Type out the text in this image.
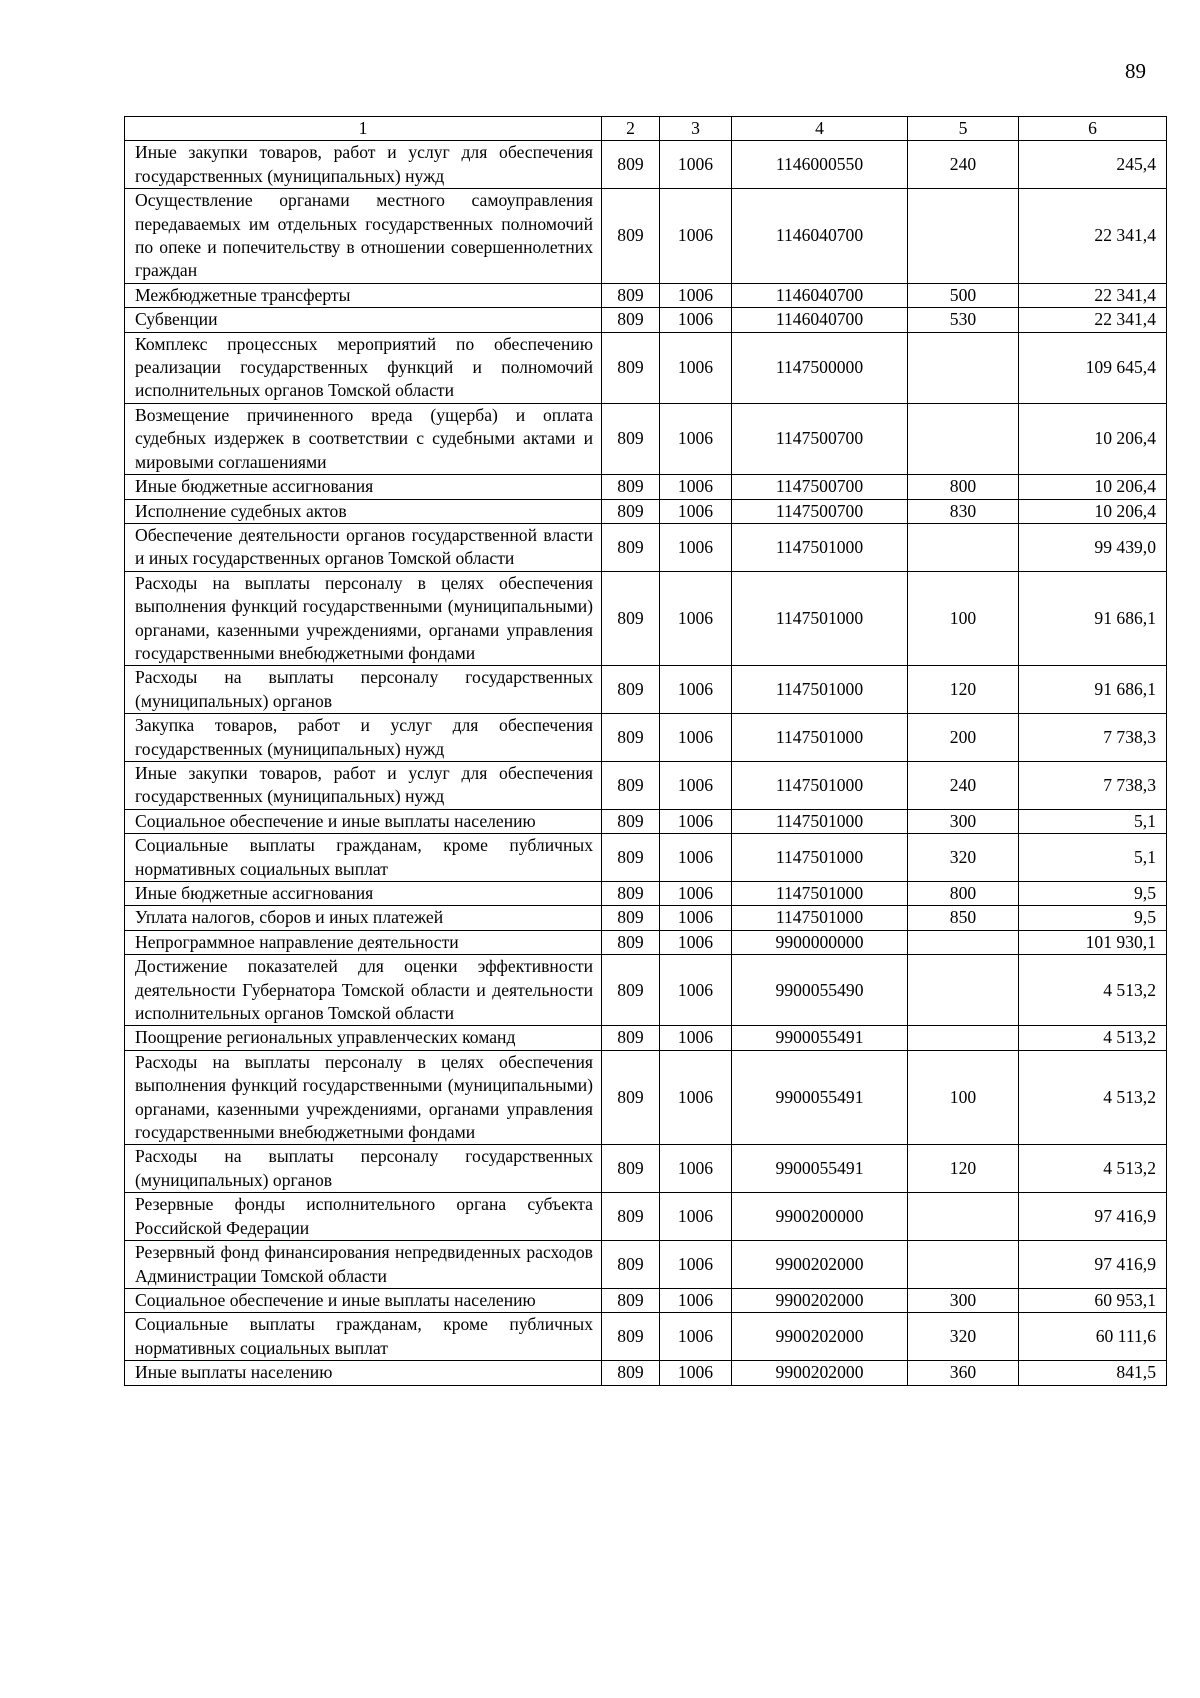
89
1	2	3	4	5	6
Иные закупки товаров, работ и услуг для обеспечения государственных (муниципальных) нужд	809	1006	1146000550	240	245,4
Осуществление органами местного самоуправления передаваемых им отдельных государственных полномочий по опеке и попечительству в отношении совершеннолетних граждан	809	1006	1146040700		22 341,4
Межбюджетные трансферты	809	1006	1146040700	500	22 341,4
Субвенции	809	1006	1146040700	530	22 341,4
Комплекс процессных мероприятий по обеспечению реализации государственных функций и полномочий исполнительных органов Томской области	809	1006	1147500000		109 645,4
Возмещение причиненного вреда (ущерба) и оплата судебных издержек в соответствии с судебными актами и мировыми соглашениями	809	1006	1147500700		10 206,4
Иные бюджетные ассигнования	809	1006	1147500700	800	10 206,4
Исполнение судебных актов	809	1006	1147500700	830	10 206,4
Обеспечение деятельности органов государственной власти и иных государственных органов Томской области	809	1006	1147501000		99 439,0
Расходы на выплаты персоналу в целях обеспечения выполнения функций государственными (муниципальными) органами, казенными учреждениями, органами управления государственными внебюджетными фондами	809	1006	1147501000	100	91 686,1
Расходы на выплаты персоналу государственных (муниципальных) органов	809	1006	1147501000	120	91 686,1
Закупка товаров, работ и услуг для обеспечения государственных (муниципальных) нужд	809	1006	1147501000	200	7 738,3
Иные закупки товаров, работ и услуг для обеспечения государственных (муниципальных) нужд	809	1006	1147501000	240	7 738,3
Социальное обеспечение и иные выплаты населению	809	1006	1147501000	300	5,1
Социальные выплаты гражданам, кроме публичных нормативных социальных выплат	809	1006	1147501000	320	5,1
Иные бюджетные ассигнования	809	1006	1147501000	800	9,5
Уплата налогов, сборов и иных платежей	809	1006	1147501000	850	9,5
Непрограммное направление деятельности	809	1006	9900000000		101 930,1
Достижение показателей для оценки эффективности деятельности Губернатора Томской области и деятельности исполнительных органов Томской области	809	1006	9900055490		4 513,2
Поощрение региональных управленческих команд	809	1006	9900055491		4 513,2
Расходы на выплаты персоналу в целях обеспечения выполнения функций государственными (муниципальными) органами, казенными учреждениями, органами управления государственными внебюджетными фондами	809	1006	9900055491	100	4 513,2
Расходы на выплаты персоналу государственных (муниципальных) органов	809	1006	9900055491	120	4 513,2
Резервные фонды исполнительного органа субъекта Российской Федерации	809	1006	9900200000		97 416,9
Резервный фонд финансирования непредвиденных расходов Администрации Томской области	809	1006	9900202000		97 416,9
Социальное обеспечение и иные выплаты населению	809	1006	9900202000	300	60 953,1
Социальные выплаты гражданам, кроме публичных нормативных социальных выплат	809	1006	9900202000	320	60 111,6
Иные выплаты населению	809	1006	9900202000	360	841,5
